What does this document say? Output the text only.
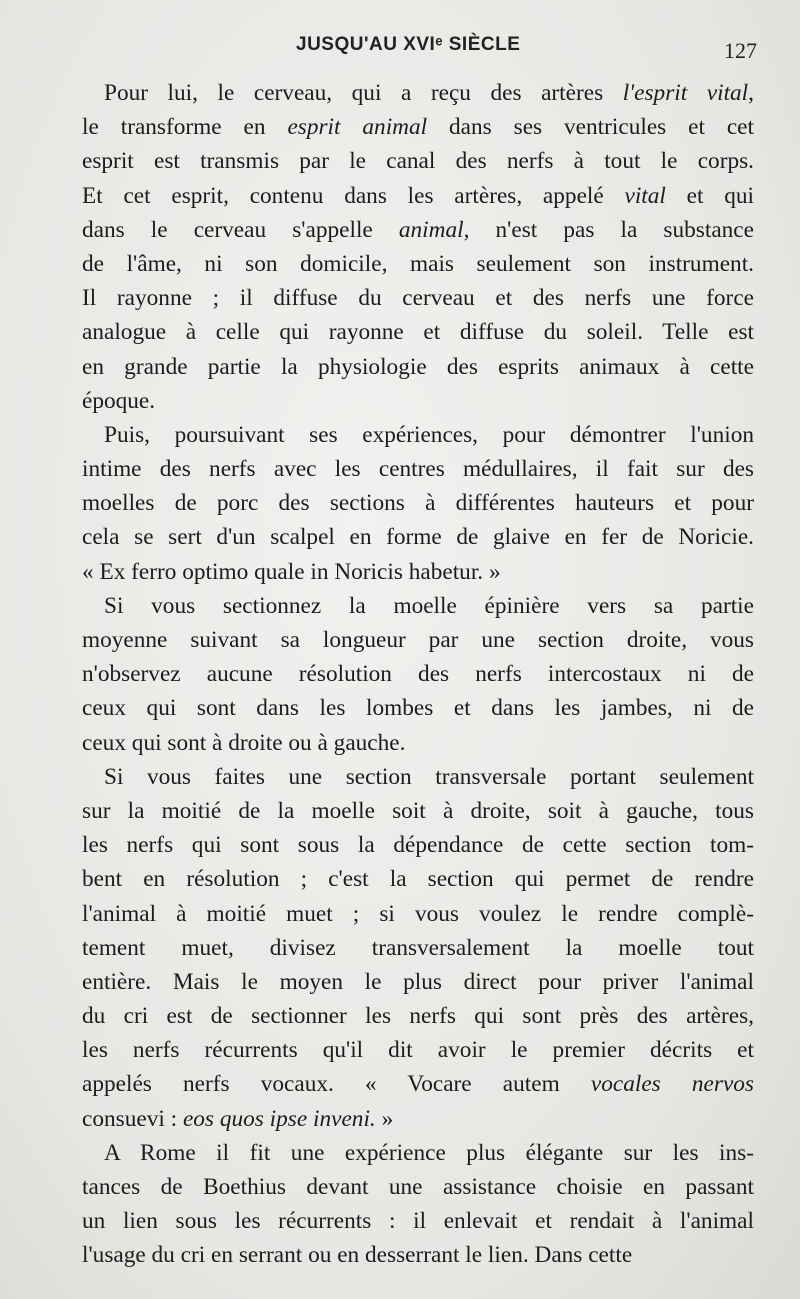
JUSQU'AU XVIᵉ SIÈCLE	127
Pour lui, le cerveau, qui a reçu des artères l'esprit vital,
le transforme en esprit animal dans ses ventricules et cet
esprit est transmis par le canal des nerfs à tout le corps.
Et cet esprit, contenu dans les artères, appelé vital et qui
dans le cerveau s'appelle animal, n'est pas la substance
de l'âme, ni son domicile, mais seulement son instrument.
Il rayonne ; il diffuse du cerveau et des nerfs une force
analogue à celle qui rayonne et diffuse du soleil. Telle est
en grande partie la physiologie des esprits animaux à cette
époque.
Puis, poursuivant ses expériences, pour démontrer l'union
intime des nerfs avec les centres médullaires, il fait sur des
moelles de porc des sections à différentes hauteurs et pour
cela se sert d'un scalpel en forme de glaive en fer de Noricie.
« Ex ferro optimo quale in Noricis habetur. »
Si vous sectionnez la moelle épinière vers sa partie
moyenne suivant sa longueur par une section droite, vous
n'observez aucune résolution des nerfs intercostaux ni de
ceux qui sont dans les lombes et dans les jambes, ni de
ceux qui sont à droite ou à gauche.
Si vous faites une section transversale portant seulement
sur la moitié de la moelle soit à droite, soit à gauche, tous
les nerfs qui sont sous la dépendance de cette section tom-
bent en résolution ; c'est la section qui permet de rendre
l'animal à moitié muet ; si vous voulez le rendre complè-
tement muet, divisez transversalement la moelle tout
entière. Mais le moyen le plus direct pour priver l'animal
du cri est de sectionner les nerfs qui sont près des artères,
les nerfs récurrents qu'il dit avoir le premier décrits et
appelés nerfs vocaux. « Vocare autem vocales nervos
consuevi : eos quos ipse inveni. »
A Rome il fit une expérience plus élégante sur les ins-
tances de Boethius devant une assistance choisie en passant
un lien sous les récurrents : il enlevait et rendait à l'animal
l'usage du cri en serrant ou en desserrant le lien. Dans cette
